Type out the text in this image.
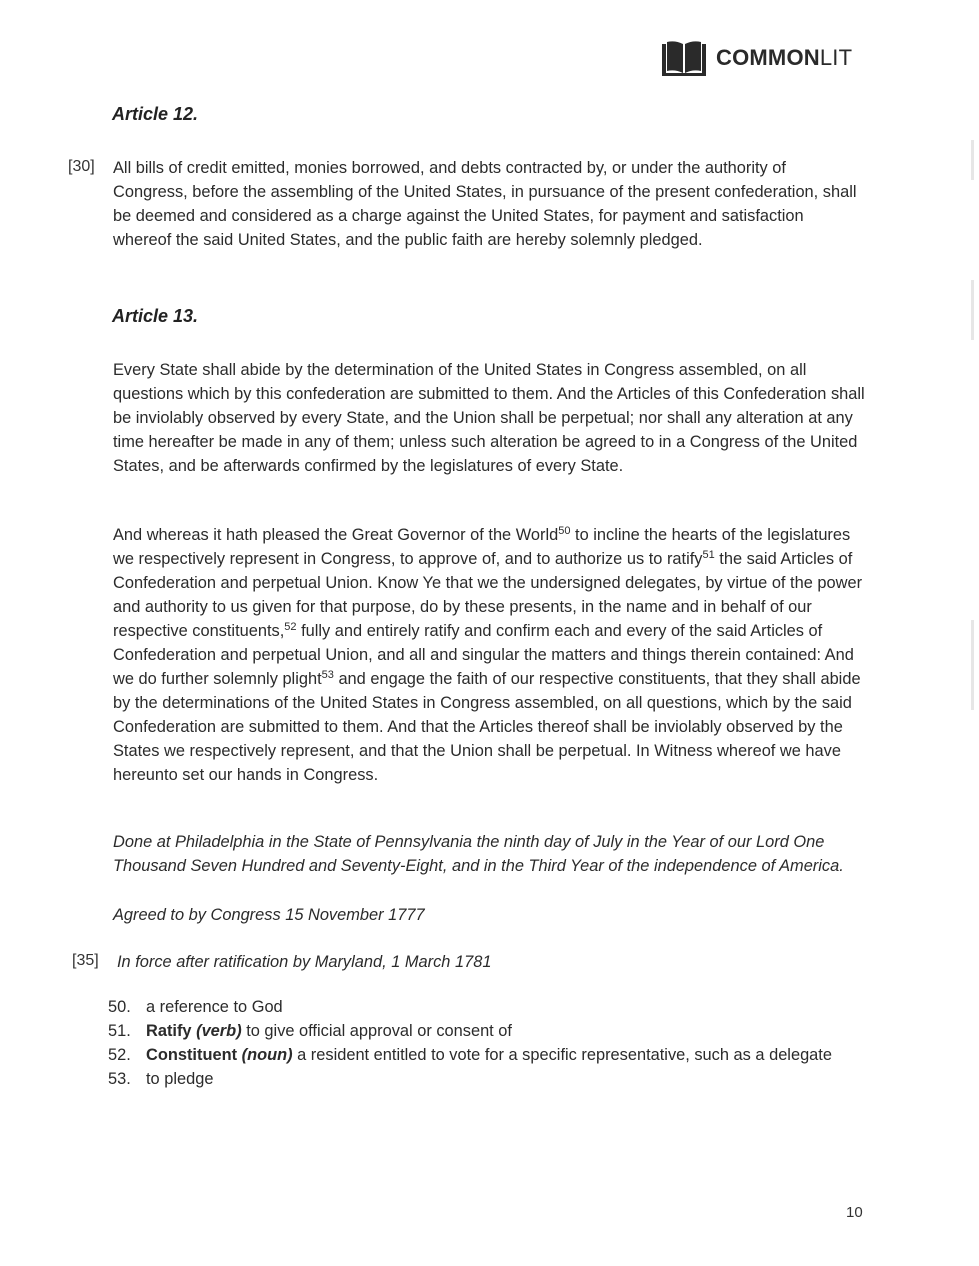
COMMONLIT
Article 12.
[30] All bills of credit emitted, monies borrowed, and debts contracted by, or under the authority of Congress, before the assembling of the United States, in pursuance of the present confederation, shall be deemed and considered as a charge against the United States, for payment and satisfaction whereof the said United States, and the public faith are hereby solemnly pledged.

Article 13.

Every State shall abide by the determination of the United States in Congress assembled, on all questions which by this confederation are submitted to them. And the Articles of this Confederation shall be inviolably observed by every State, and the Union shall be perpetual; nor shall any alteration at any time hereafter be made in any of them; unless such alteration be agreed to in a Congress of the United States, and be afterwards confirmed by the legislatures of every State.

And whereas it hath pleased the Great Governor of the World$^{50}$ to incline the hearts of the legislatures we respectively represent in Congress, to approve of, and to authorize us to ratify$^{51}$ the said Articles of Confederation and perpetual Union. Know Ye that we the undersigned delegates, by virtue of the power and authority to us given for that purpose, do by these presents, in the name and in behalf of our respective constituents,$^{52}$ fully and entirely ratify and confirm each and every of the said Articles of Confederation and perpetual Union, and all and singular the matters and things therein contained: And we do further solemnly plight$^{53}$ and engage the faith of our respective constituents, that they shall abide by the determinations of the United States in Congress assembled, on all questions, which by the said Confederation are submitted to them. And that the Articles thereof shall be inviolably observed by the States we respectively represent, and that the Union shall be perpetual. In Witness whereof we have hereunto set our hands in Congress.

Done at Philadelphia in the State of Pennsylvania the ninth day of July in the Year of our Lord One Thousand Seven Hundred and Seventy-Eight, and in the Third Year of the independence of America.

Agreed to by Congress 15 November 1777

[35] In force after ratification by Maryland, 1 March 1781

50. a reference to God
51. Ratify (verb) to give official approval or consent of
52. Constituent (noun) a resident entitled to vote for a specific representative, such as a delegate
53. to pledge
10
